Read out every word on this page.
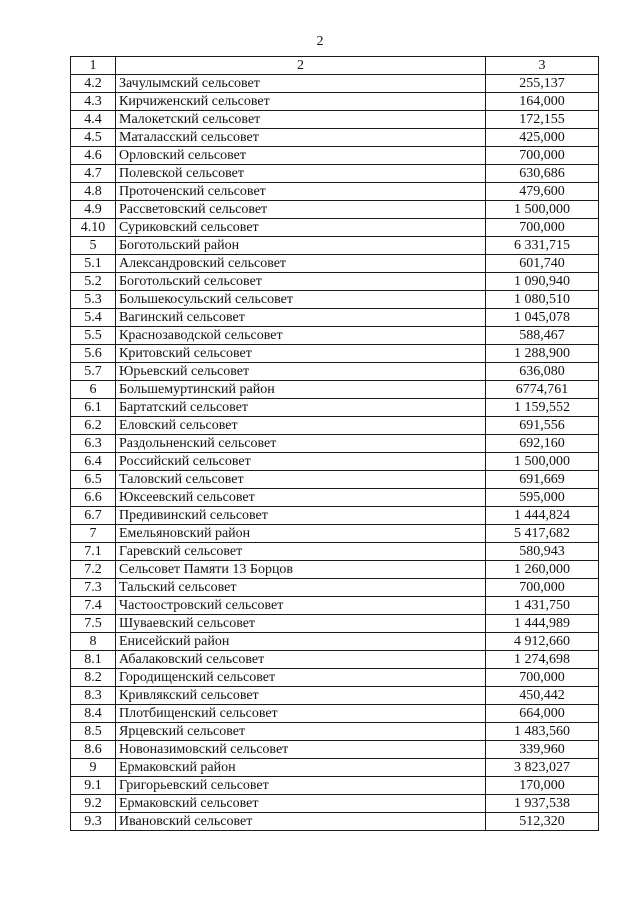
2
1	2	3
4.2	Зачулымский сельсовет	255,137
4.3	Кирчиженский сельсовет	164,000
4.4	Малокетский сельсовет	172,155
4.5	Маталасский сельсовет	425,000
4.6	Орловский сельсовет	700,000
4.7	Полевской сельсовет	630,686
4.8	Проточенский сельсовет	479,600
4.9	Рассветовский сельсовет	1 500,000
4.10	Суриковский сельсовет	700,000
5	Боготольский район	6 331,715
5.1	Александровский сельсовет	601,740
5.2	Боготольский сельсовет	1 090,940
5.3	Большекосульский сельсовет	1 080,510
5.4	Вагинский сельсовет	1 045,078
5.5	Краснозаводской сельсовет	588,467
5.6	Критовский сельсовет	1 288,900
5.7	Юрьевский сельсовет	636,080
6	Большемуртинский район	6774,761
6.1	Бартатский сельсовет	1 159,552
6.2	Еловский сельсовет	691,556
6.3	Раздольненский сельсовет	692,160
6.4	Российский сельсовет	1 500,000
6.5	Таловский сельсовет	691,669
6.6	Юксеевский сельсовет	595,000
6.7	Предивинский сельсовет	1 444,824
7	Емельяновский район	5 417,682
7.1	Гаревский сельсовет	580,943
7.2	Сельсовет Памяти 13 Борцов	1 260,000
7.3	Тальский сельсовет	700,000
7.4	Частоостровский сельсовет	1 431,750
7.5	Шуваевский сельсовет	1 444,989
8	Енисейский район	4 912,660
8.1	Абалаковский сельсовет	1 274,698
8.2	Городищенский сельсовет	700,000
8.3	Кривлякский сельсовет	450,442
8.4	Плотбищенский сельсовет	664,000
8.5	Ярцевский сельсовет	1 483,560
8.6	Новоназимовский сельсовет	339,960
9	Ермаковский район	3 823,027
9.1	Григорьевский сельсовет	170,000
9.2	Ермаковский сельсовет	1 937,538
9.3	Ивановский сельсовет	512,320
